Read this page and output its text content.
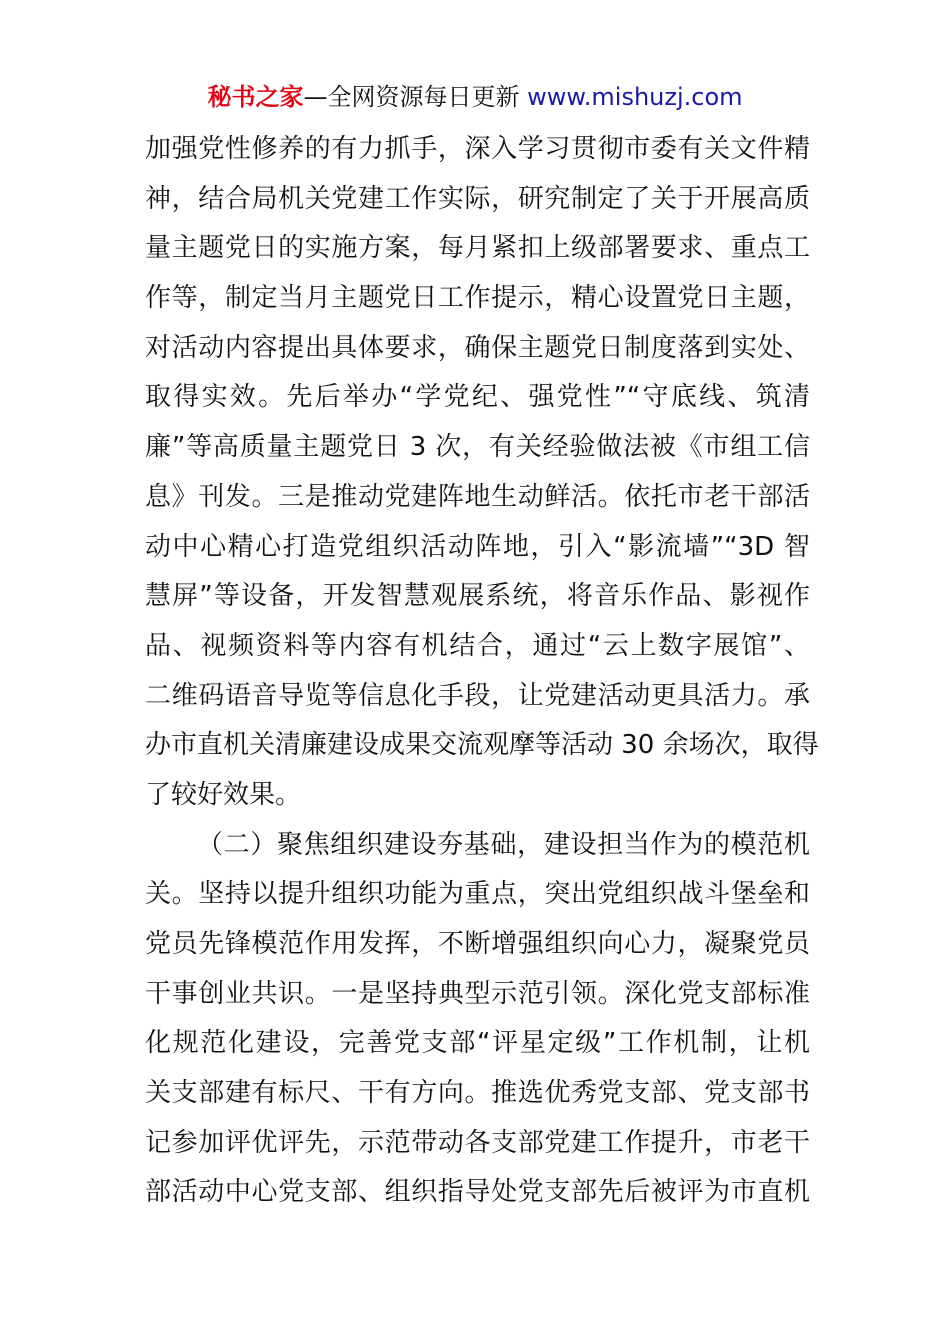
秘书之家—全网资源每日更新 www.mishuzj.com
加强党性修养的有力抓手，深入学习贯彻市委有关文件精
神，结合局机关党建工作实际，研究制定了关于开展高质
量主题党日的实施方案，每月紧扣上级部署要求、重点工
作等，制定当月主题党日工作提示，精心设置党日主题，
对活动内容提出具体要求，确保主题党日制度落到实处、
取得实效。先后举办“学党纪、强党性”“守底线、筑清
廉”等高质量主题党日 3 次，有关经验做法被《市组工信
息》刊发。三是推动党建阵地生动鲜活。依托市老干部活
动中心精心打造党组织活动阵地，引入“影流墙”“3D 智
慧屏”等设备，开发智慧观展系统，将音乐作品、影视作
品、视频资料等内容有机结合，通过“云上数字展馆”、
二维码语音导览等信息化手段，让党建活动更具活力。承
办市直机关清廉建设成果交流观摩等活动 30 余场次，取得
了较好效果。
（二）聚焦组织建设夯基础，建设担当作为的模范机
关。坚持以提升组织功能为重点，突出党组织战斗堡垒和
党员先锋模范作用发挥，不断增强组织向心力，凝聚党员
干事创业共识。一是坚持典型示范引领。深化党支部标准
化规范化建设，完善党支部“评星定级”工作机制，让机
关支部建有标尺、干有方向。推选优秀党支部、党支部书
记参加评优评先，示范带动各支部党建工作提升，市老干
部活动中心党支部、组织指导处党支部先后被评为市直机
